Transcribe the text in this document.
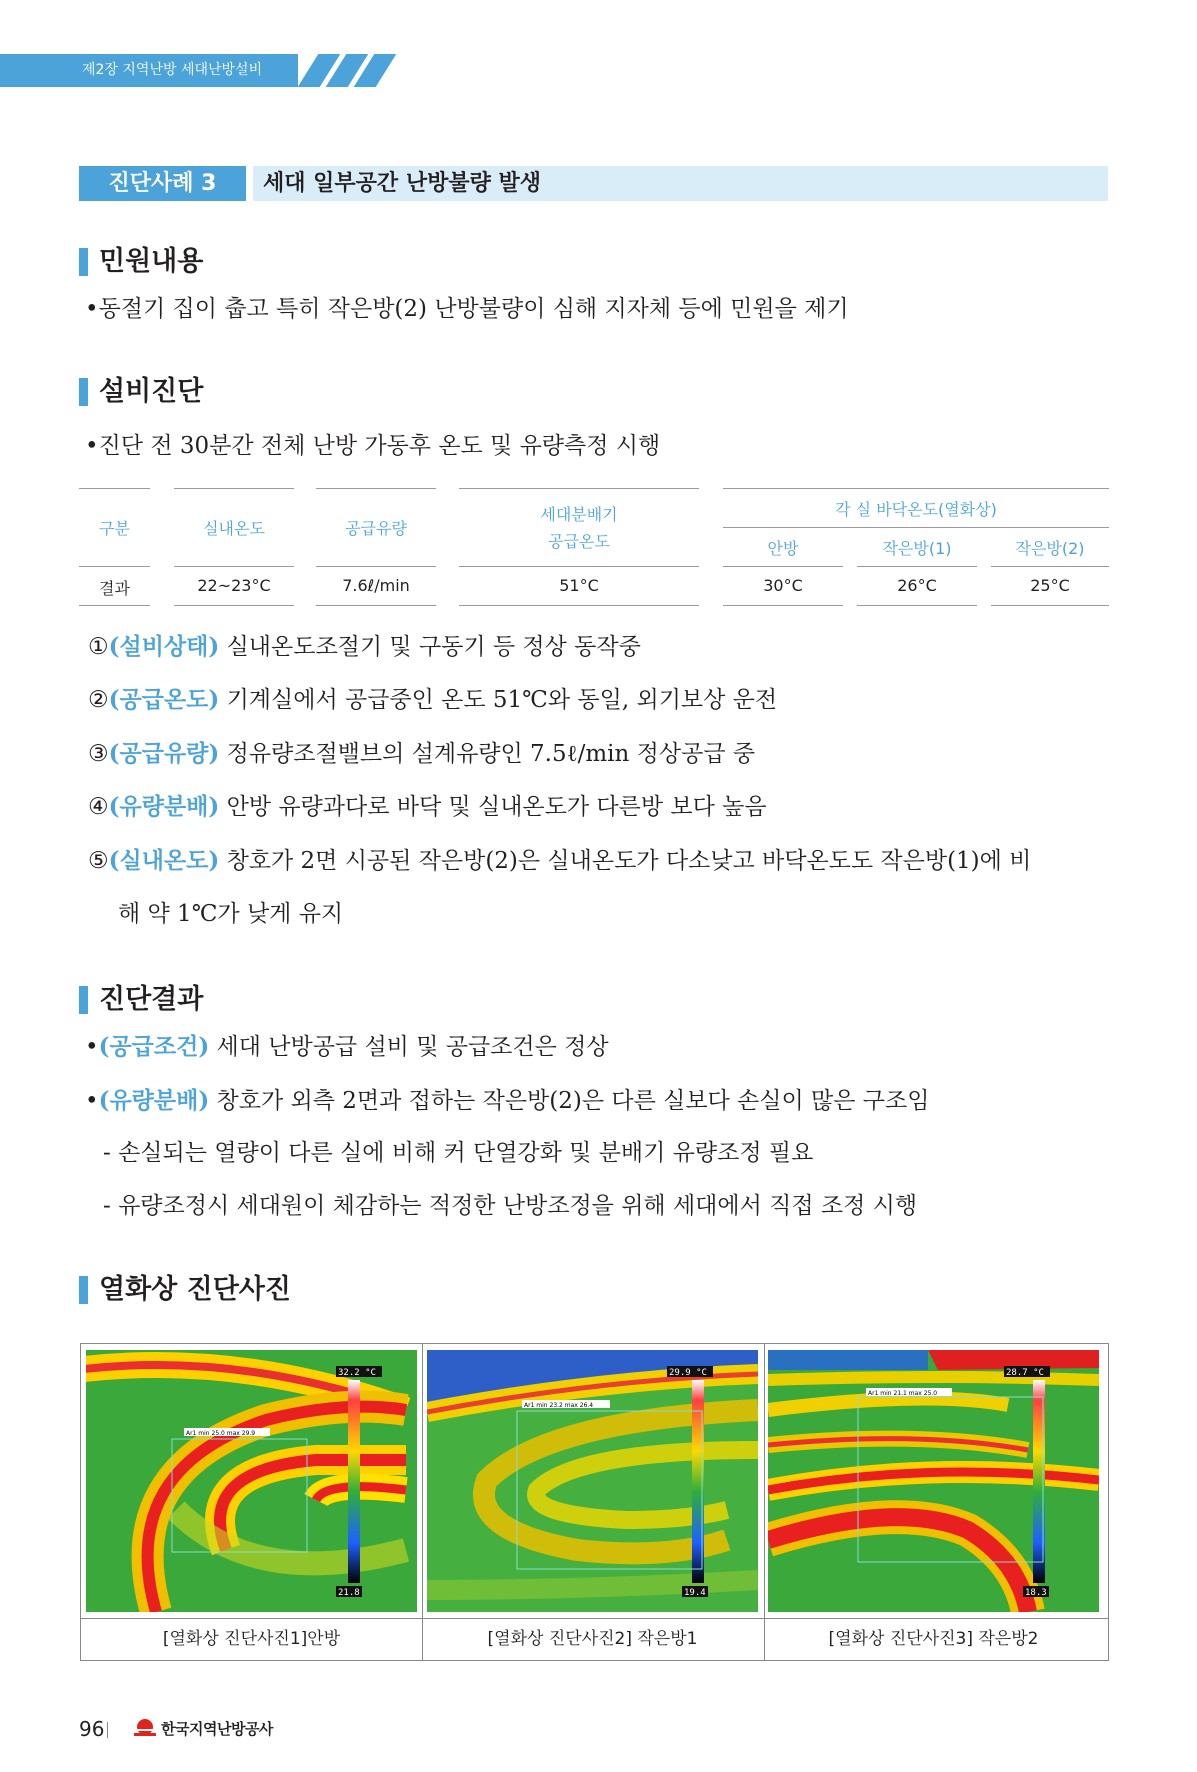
제2장 지역난방 세대난방설비
진단사례 3	세대 일부공간 난방불량 발생
민원내용
•동절기 집이 춥고 특히 작은방(2) 난방불량이 심해 지자체 등에 민원을 제기
설비진단
•진단 전 30분간 전체 난방 가동후 온도 및 유량측정 시행
구분	실내온도	공급유량
세대분배기
공급온도
각 실 바닥온도(열화상)
안방	작은방(1)	작은방(2)
결과	22~23°C	7.6ℓ/min	51°C	30°C	26°C	25°C
①(설비상태) 실내온도조절기 및 구동기 등 정상 동작중
②(공급온도) 기계실에서 공급중인 온도 51℃와 동일, 외기보상 운전
③(공급유량) 정유량조절밸브의 설계유량인 7.5ℓ/min 정상공급 중
④(유량분배) 안방 유량과다로 바닥 및 실내온도가 다른방 보다 높음
⑤(실내온도) 창호가 2면 시공된 작은방(2)은 실내온도가 다소낮고 바닥온도도 작은방(1)에 비
해 약 1℃가 낮게 유지
진단결과
•(공급조건) 세대 난방공급 설비 및 공급조건은 정상
•(유량분배) 창호가 외측 2면과 접하는 작은방(2)은 다른 실보다 손실이 많은 구조임
- 손실되는 열량이 다른 실에 비해 커 단열강화 및 분배기 유량조정 필요
- 유량조정시 세대원이 체감하는 적정한 난방조정을 위해 세대에서 직접 조정 시행
열화상 진단사진
Ar1 min 25.0 max 29.9
32.2 °C
21.8
Ar1 min 23.2 max 26.4
29.9 °C
19.4
Ar1 min 21.1 max 25.0
28.7 °C
18.3
[열화상 진단사진1]안방	[열화상 진단사진2] 작은방1	[열화상 진단사진3] 작은방2
96	한국지역난방공사
